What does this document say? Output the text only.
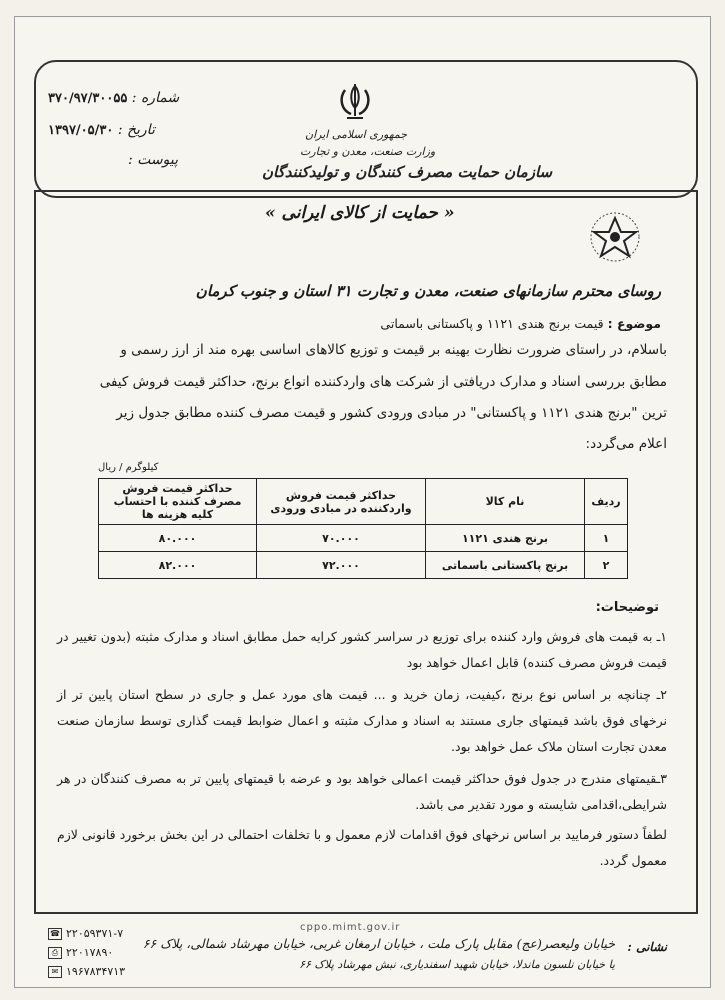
جمهوری اسلامی ایران
وزارت صنعت، معدن و تجارت
سازمان حمایت مصرف کنندگان و تولیدکنندگان
شماره : ۳۷۰/۹۷/۳۰۰۵۵
تاریخ : ۱۳۹۷/۰۵/۳۰
پیوست :
« حمایت از کالای ایرانی »
روسای محترم سازمانهای صنعت، معدن و تجارت ۳۱ استان و جنوب کرمان
موضوع : قیمت برنج هندی ۱۱۲۱ و پاکستانی باسماتی
باسلام، در راستای ضرورت نظارت بهینه بر قیمت و توزیع کالاهای اساسی بهره مند از ارز رسمی و
مطابق بررسی اسناد و مدارک دریافتی از شرکت های واردکننده انواع برنج، حداکثر قیمت فروش کیفی
ترین "برنج هندی ۱۱۲۱ و پاکستانی" در مبادی ورودی کشور و قیمت مصرف کننده مطابق جدول زیر
اعلام می‌گردد:
کیلوگرم / ریال
ردیف	نام کالا	حداکثر قیمت فروش واردکننده در مبادی ورودی	حداکثر قیمت فروش مصرف کننده با احتساب کلیه هزینه ها
۱	برنج هندی ۱۱۲۱	۷۰.۰۰۰	۸۰.۰۰۰
۲	برنج پاکستانی باسماتی	۷۲.۰۰۰	۸۲.۰۰۰
توضیحات:
۱ـ به قیمت های فروش وارد کننده برای توزیع در سراسر کشور کرایه حمل مطابق اسناد و مدارک مثبته (بدون تغییر در قیمت فروش مصرف کننده) قابل اعمال خواهد بود
۲ـ چنانچه بر اساس نوع برنج ،کیفیت، زمان خرید و ... قیمت های مورد عمل و جاری در سطح استان پایین تر از نرخهای فوق باشد قیمتهای جاری مستند به اسناد و مدارک مثبته و اعمال ضوابط قیمت گذاری توسط سازمان صنعت معدن تجارت استان ملاک عمل خواهد بود.
۳ـقیمتهای مندرج در جدول فوق حداکثر قیمت اعمالی خواهد بود و عرضه با قیمتهای پایین تر به مصرف کنندگان در هر شرایطی،اقدامی شایسته و مورد تقدیر می باشد.
لطفاً دستور فرمایید بر اساس نرخهای فوق اقدامات لازم معمول و با تخلفات احتمالی در این بخش برخورد قانونی لازم معمول گردد.
cppo.mimt.gov.ir
نشانی :
خیابان ولیعصر(عج) مقابل پارک ملت ، خیابان ارمغان غربی، خیابان مهرشاد شمالی، پلاک ۶۶
یا خیابان نلسون ماندلا، خیابان شهید اسفندیاری، نبش مهرشاد پلاک ۶۶
☎ ۲۲۰۵۹۳۷۱-۷
⎙ ۲۲۰۱۷۸۹۰
✉ ۱۹۶۷۸۳۴۷۱۳
